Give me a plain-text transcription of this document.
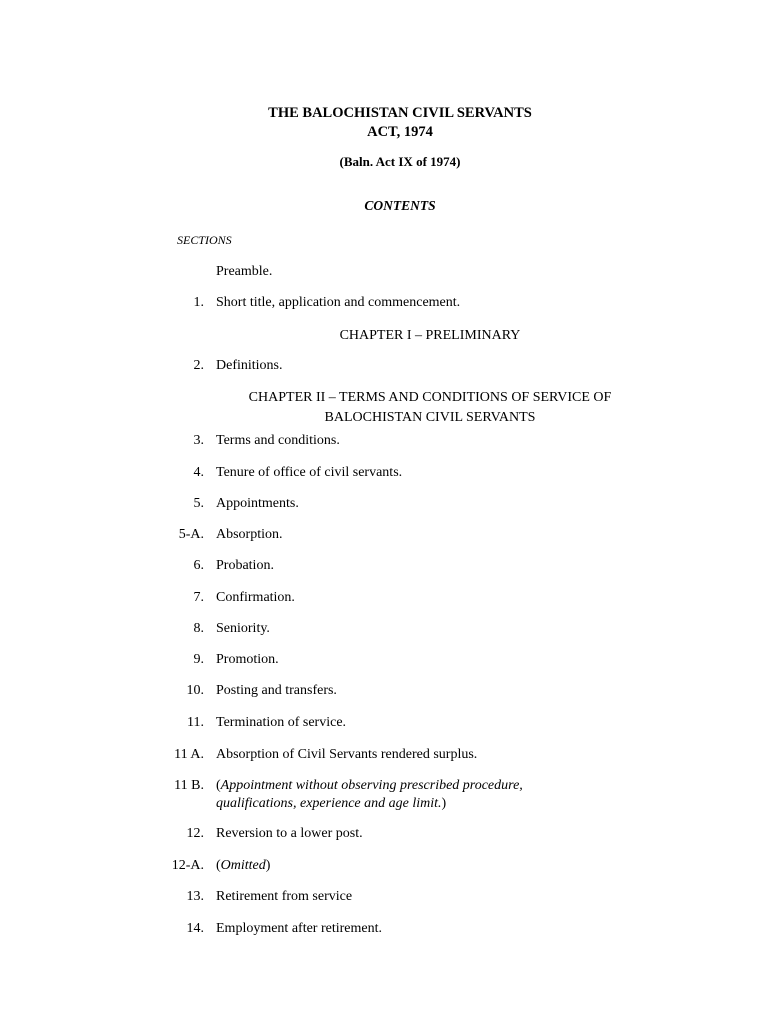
THE BALOCHISTAN CIVIL SERVANTS

ACT, 1974

(Baln. Act IX of 1974)

CONTENTS

SECTIONS

Preamble.
1. Short title, application and commencement.

CHAPTER I – PRELIMINARY

2. Definitions.

CHAPTER II – TERMS AND CONDITIONS OF SERVICE OF

BALOCHISTAN CIVIL SERVANTS

3. Terms and conditions.
4. Tenure of office of civil servants.
5. Appointments.
5-A. Absorption.
6. Probation.
7. Confirmation.
8. Seniority.
9. Promotion.
10. Posting and transfers.
11. Termination of service.
11 A. Absorption of Civil Servants rendered surplus.
11 B. (Appointment without observing prescribed procedure,
qualifications, experience and age limit.)
12. Reversion to a lower post.
12-A. (Omitted)
13. Retirement from service
14. Employment after retirement.
